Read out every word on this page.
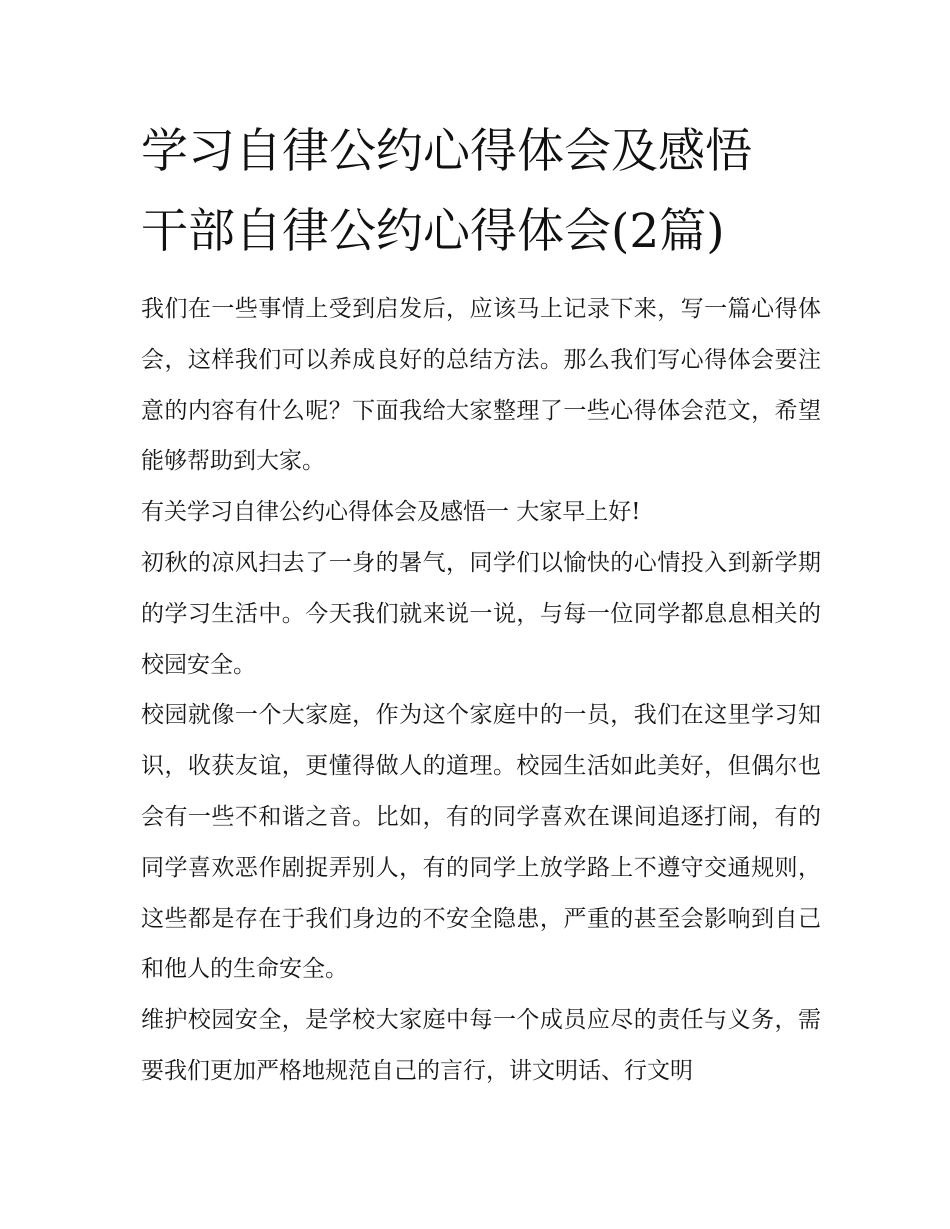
学习自律公约心得体会及感悟
干部自律公约心得体会(2篇)

我们在一些事情上受到启发后，应该马上记录下来，写一篇心得体会，这样我们可以养成良好的总结方法。那么我们写心得体会要注意的内容有什么呢？下面我给大家整理了一些心得体会范文，希望能够帮助到大家。

有关学习自律公约心得体会及感悟一 大家早上好!

初秋的凉风扫去了一身的暑气，同学们以愉快的心情投入到新学期的学习生活中。今天我们就来说一说，与每一位同学都息息相关的校园安全。

校园就像一个大家庭，作为这个家庭中的一员，我们在这里学习知识，收获友谊，更懂得做人的道理。校园生活如此美好，但偶尔也会有一些不和谐之音。比如，有的同学喜欢在课间追逐打闹，有的同学喜欢恶作剧捉弄别人，有的同学上放学路上不遵守交通规则，这些都是存在于我们身边的不安全隐患，严重的甚至会影响到自己和他人的生命安全。

维护校园安全，是学校大家庭中每一个成员应尽的责任与义务，需要我们更加严格地规范自己的言行，讲文明话、行文明
